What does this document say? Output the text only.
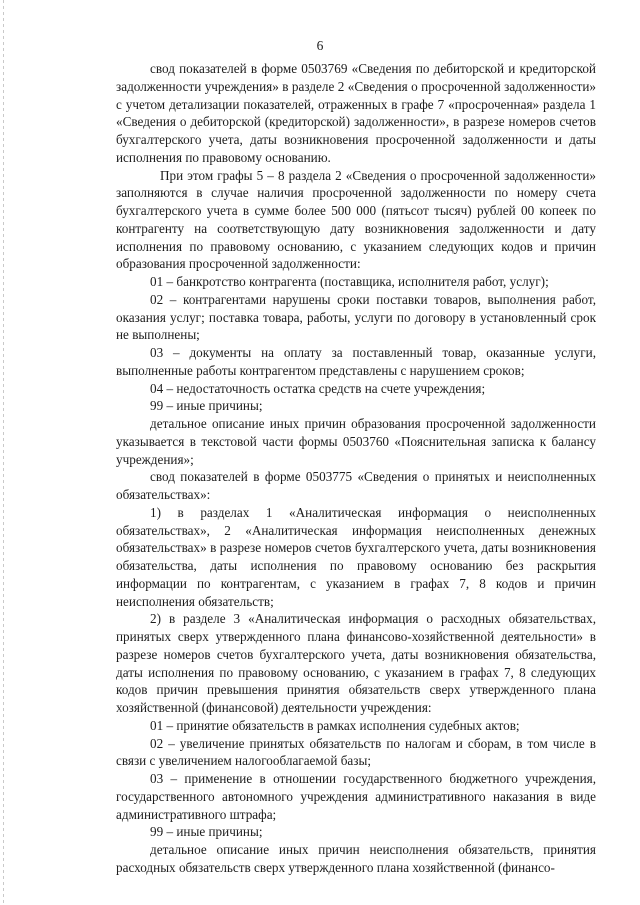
6

свод показателей в форме 0503769 «Сведения по дебиторской и кредиторской задолженности учреждения» в разделе 2 «Сведения о просроченной задолженности» с учетом детализации показателей, отраженных в графе 7 «просроченная» раздела 1 «Сведения о дебиторской (кредиторской) задолженности», в разрезе номеров счетов бухгалтерского учета, даты возникновения просроченной задолженности и даты исполнения по правовому основанию.

При этом графы 5 – 8 раздела 2 «Сведения о просроченной задолженности» заполняются в случае наличия просроченной задолженности по номеру счета бухгалтерского учета в сумме более 500 000 (пятьсот тысяч) рублей 00 копеек по контрагенту на соответствующую дату возникновения задолженности и дату исполнения по правовому основанию, с указанием следующих кодов и причин образования просроченной задолженности:

01 – банкротство контрагента (поставщика, исполнителя работ, услуг);

02 – контрагентами нарушены сроки поставки товаров, выполнения работ, оказания услуг; поставка товара, работы, услуги по договору в установленный срок не выполнены;

03 – документы на оплату за поставленный товар, оказанные услуги, выполненные работы контрагентом представлены с нарушением сроков;

04 – недостаточность остатка средств на счете учреждения;

99 – иные причины;

детальное описание иных причин образования просроченной задолженности указывается в текстовой части формы 0503760 «Пояснительная записка к балансу учреждения»;

свод показателей в форме 0503775 «Сведения о принятых и неисполненных обязательствах»:

1) в разделах 1 «Аналитическая информация о неисполненных обязательствах», 2 «Аналитическая информация неисполненных денежных обязательствах» в разрезе номеров счетов бухгалтерского учета, даты возникновения обязательства, даты исполнения по правовому основанию без раскрытия информации по контрагентам, с указанием в графах 7, 8 кодов и причин неисполнения обязательств;

2) в разделе 3 «Аналитическая информация о расходных обязательствах, принятых сверх утвержденного плана финансово-хозяйственной деятельности» в разрезе номеров счетов бухгалтерского учета, даты возникновения обязательства, даты исполнения по правовому основанию, с указанием в графах 7, 8 следующих кодов причин превышения принятия обязательств сверх утвержденного плана хозяйственной (финансовой) деятельности учреждения:

01 – принятие обязательств в рамках исполнения судебных актов;

02 – увеличение принятых обязательств по налогам и сборам, в том числе в связи с увеличением налогооблагаемой базы;

03 – применение в отношении государственного бюджетного учреждения, государственного автономного учреждения административного наказания в виде административного штрафа;

99 – иные причины;

детальное описание иных причин неисполнения обязательств, принятия расходных обязательств сверх утвержденного плана хозяйственной (финансо-
